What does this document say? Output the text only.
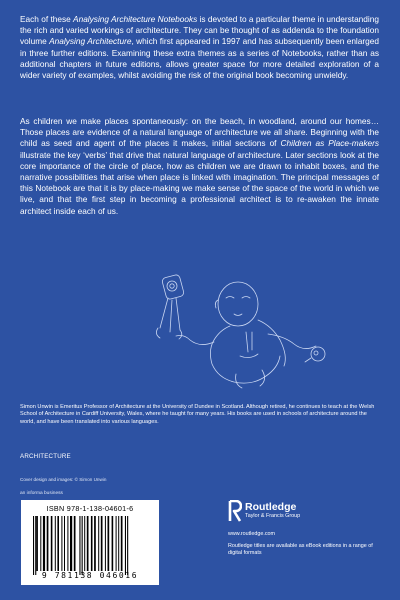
Each of these Analysing Architecture Notebooks is devoted to a particular theme in understanding the rich and varied workings of architecture. They can be thought of as addenda to the foundation volume Analysing Architecture, which first appeared in 1997 and has subsequently been enlarged in three further editions. Examining these extra themes as a series of Notebooks, rather than as additional chapters in future editions, allows greater space for more detailed exploration of a wider variety of examples, whilst avoiding the risk of the original book becoming unwieldy.

As children we make places spontaneously: on the beach, in woodland, around our homes… Those places are evidence of a natural language of architecture we all share. Beginning with the child as seed and agent of the places it makes, initial sections of Children as Place-makers illustrate the key ‘verbs’ that drive that natural language of architecture. Later sections look at the core importance of the circle of place, how as children we are drawn to inhabit boxes, and the narrative possibilities that arise when place is linked with imagination. The principal messages of this Notebook are that it is by place-making we make sense of the space of the world in which we live, and that the first step in becoming a professional architect is to re-awaken the innate architect inside each of us.

Simon Unwin is Emeritus Professor of Architecture at the University of Dundee in Scotland. Although retired, he continues to teach at the Welsh School of Architecture in Cardiff University, Wales, where he taught for many years. His books are used in schools of architecture around the world, and have been translated into various languages.

ARCHITECTURE
Cover design and images: © Simon Unwin
an informa business
ISBN 978-1-138-04601-6
9 781138 046016
Routledge
Taylor & Francis Group
www.routledge.com

Routledge titles are available as eBook editions in a range of digital formats
